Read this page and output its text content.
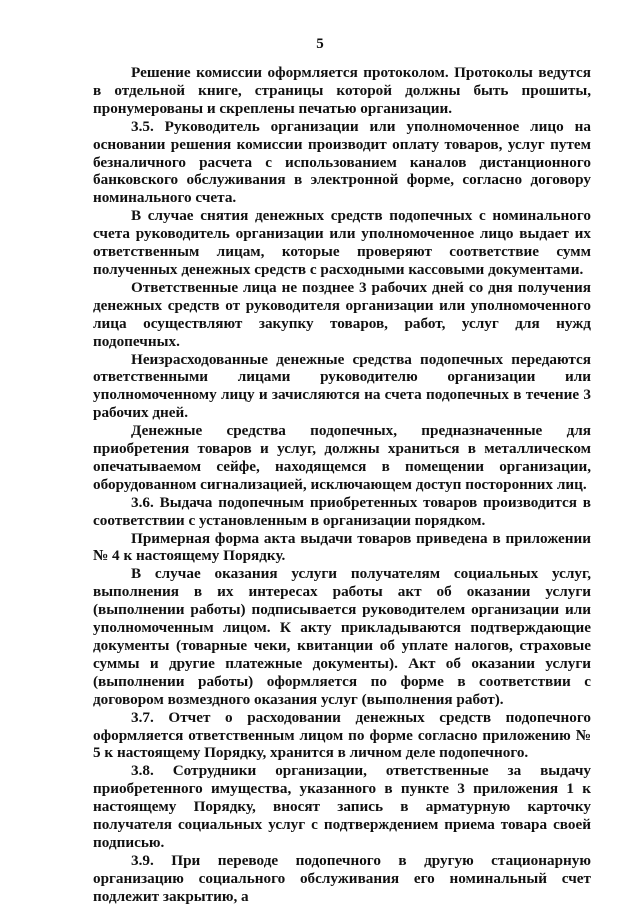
5

Решение комиссии оформляется протоколом. Протоколы ведутся в отдельной книге, страницы которой должны быть прошиты, пронумерованы и скреплены печатью организации.

3.5. Руководитель организации или уполномоченное лицо на основании решения комиссии производит оплату товаров, услуг путем безналичного расчета с использованием каналов дистанционного банковского обслуживания в электронной форме, согласно договору номинального счета.

В случае снятия денежных средств подопечных с номинального счета руководитель организации или уполномоченное лицо выдает их ответственным лицам, которые проверяют соответствие сумм полученных денежных средств с расходными кассовыми документами.

Ответственные лица не позднее 3 рабочих дней со дня получения денежных средств от руководителя организации или уполномоченного лица осуществляют закупку товаров, работ, услуг для нужд подопечных.

Неизрасходованные денежные средства подопечных передаются ответственными лицами руководителю организации или уполномоченному лицу и зачисляются на счета подопечных в течение 3 рабочих дней.

Денежные средства подопечных, предназначенные для приобретения товаров и услуг, должны храниться в металлическом опечатываемом сейфе, находящемся в помещении организации, оборудованном сигнализацией, исключающем доступ посторонних лиц.

3.6. Выдача подопечным приобретенных товаров производится в соответствии с установленным в организации порядком.

Примерная форма акта выдачи товаров приведена в приложении № 4 к настоящему Порядку.

В случае оказания услуги получателям социальных услуг, выполнения в их интересах работы акт об оказании услуги (выполнении работы) подписывается руководителем организации или уполномоченным лицом. К акту прикладываются подтверждающие документы (товарные чеки, квитанции об уплате налогов, страховые суммы и другие платежные документы). Акт об оказании услуги (выполнении работы) оформляется по форме в соответствии с договором возмездного оказания услуг (выполнения работ).

3.7. Отчет о расходовании денежных средств подопечного оформляется ответственным лицом по форме согласно приложению № 5 к настоящему Порядку, хранится в личном деле подопечного.

3.8. Сотрудники организации, ответственные за выдачу приобретенного имущества, указанного в пункте 3 приложения 1 к настоящему Порядку, вносят запись в арматурную карточку получателя социальных услуг с подтверждением приема товара своей подписью.

3.9. При переводе подопечного в другую стационарную организацию социального обслуживания его номинальный счет подлежит закрытию, а
